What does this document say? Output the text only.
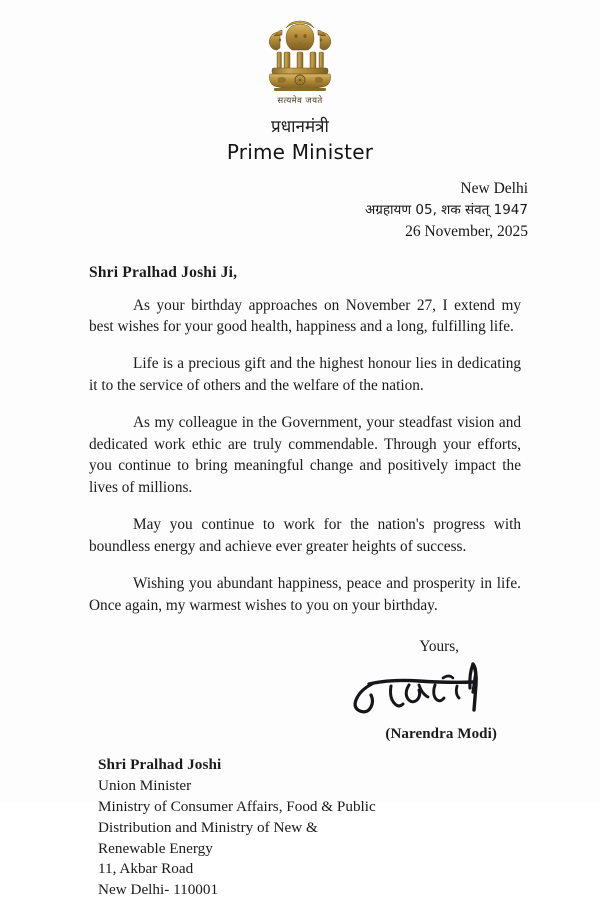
सत्यमेव जयते
प्रधानमंत्री
Prime Minister
New Delhi
अग्रहायण 05, शक संवत् 1947
26 November, 2025
Shri Pralhad Joshi Ji,

As your birthday approaches on November 27, I extend my best wishes for your good health, happiness and a long, fulfilling life.

Life is a precious gift and the highest honour lies in dedicating it to the service of others and the welfare of the nation.

As my colleague in the Government, your steadfast vision and dedicated work ethic are truly commendable. Through your efforts, you continue to bring meaningful change and positively impact the lives of millions.

May you continue to work for the nation's progress with boundless energy and achieve ever greater heights of success.

Wishing you abundant happiness, peace and prosperity in life. Once again, my warmest wishes to you on your birthday.

Yours,
(Narendra Modi)
Shri Pralhad Joshi
Union Minister
Ministry of Consumer Affairs, Food & Public
Distribution and Ministry of New &
Renewable Energy
11, Akbar Road
New Delhi- 110001
